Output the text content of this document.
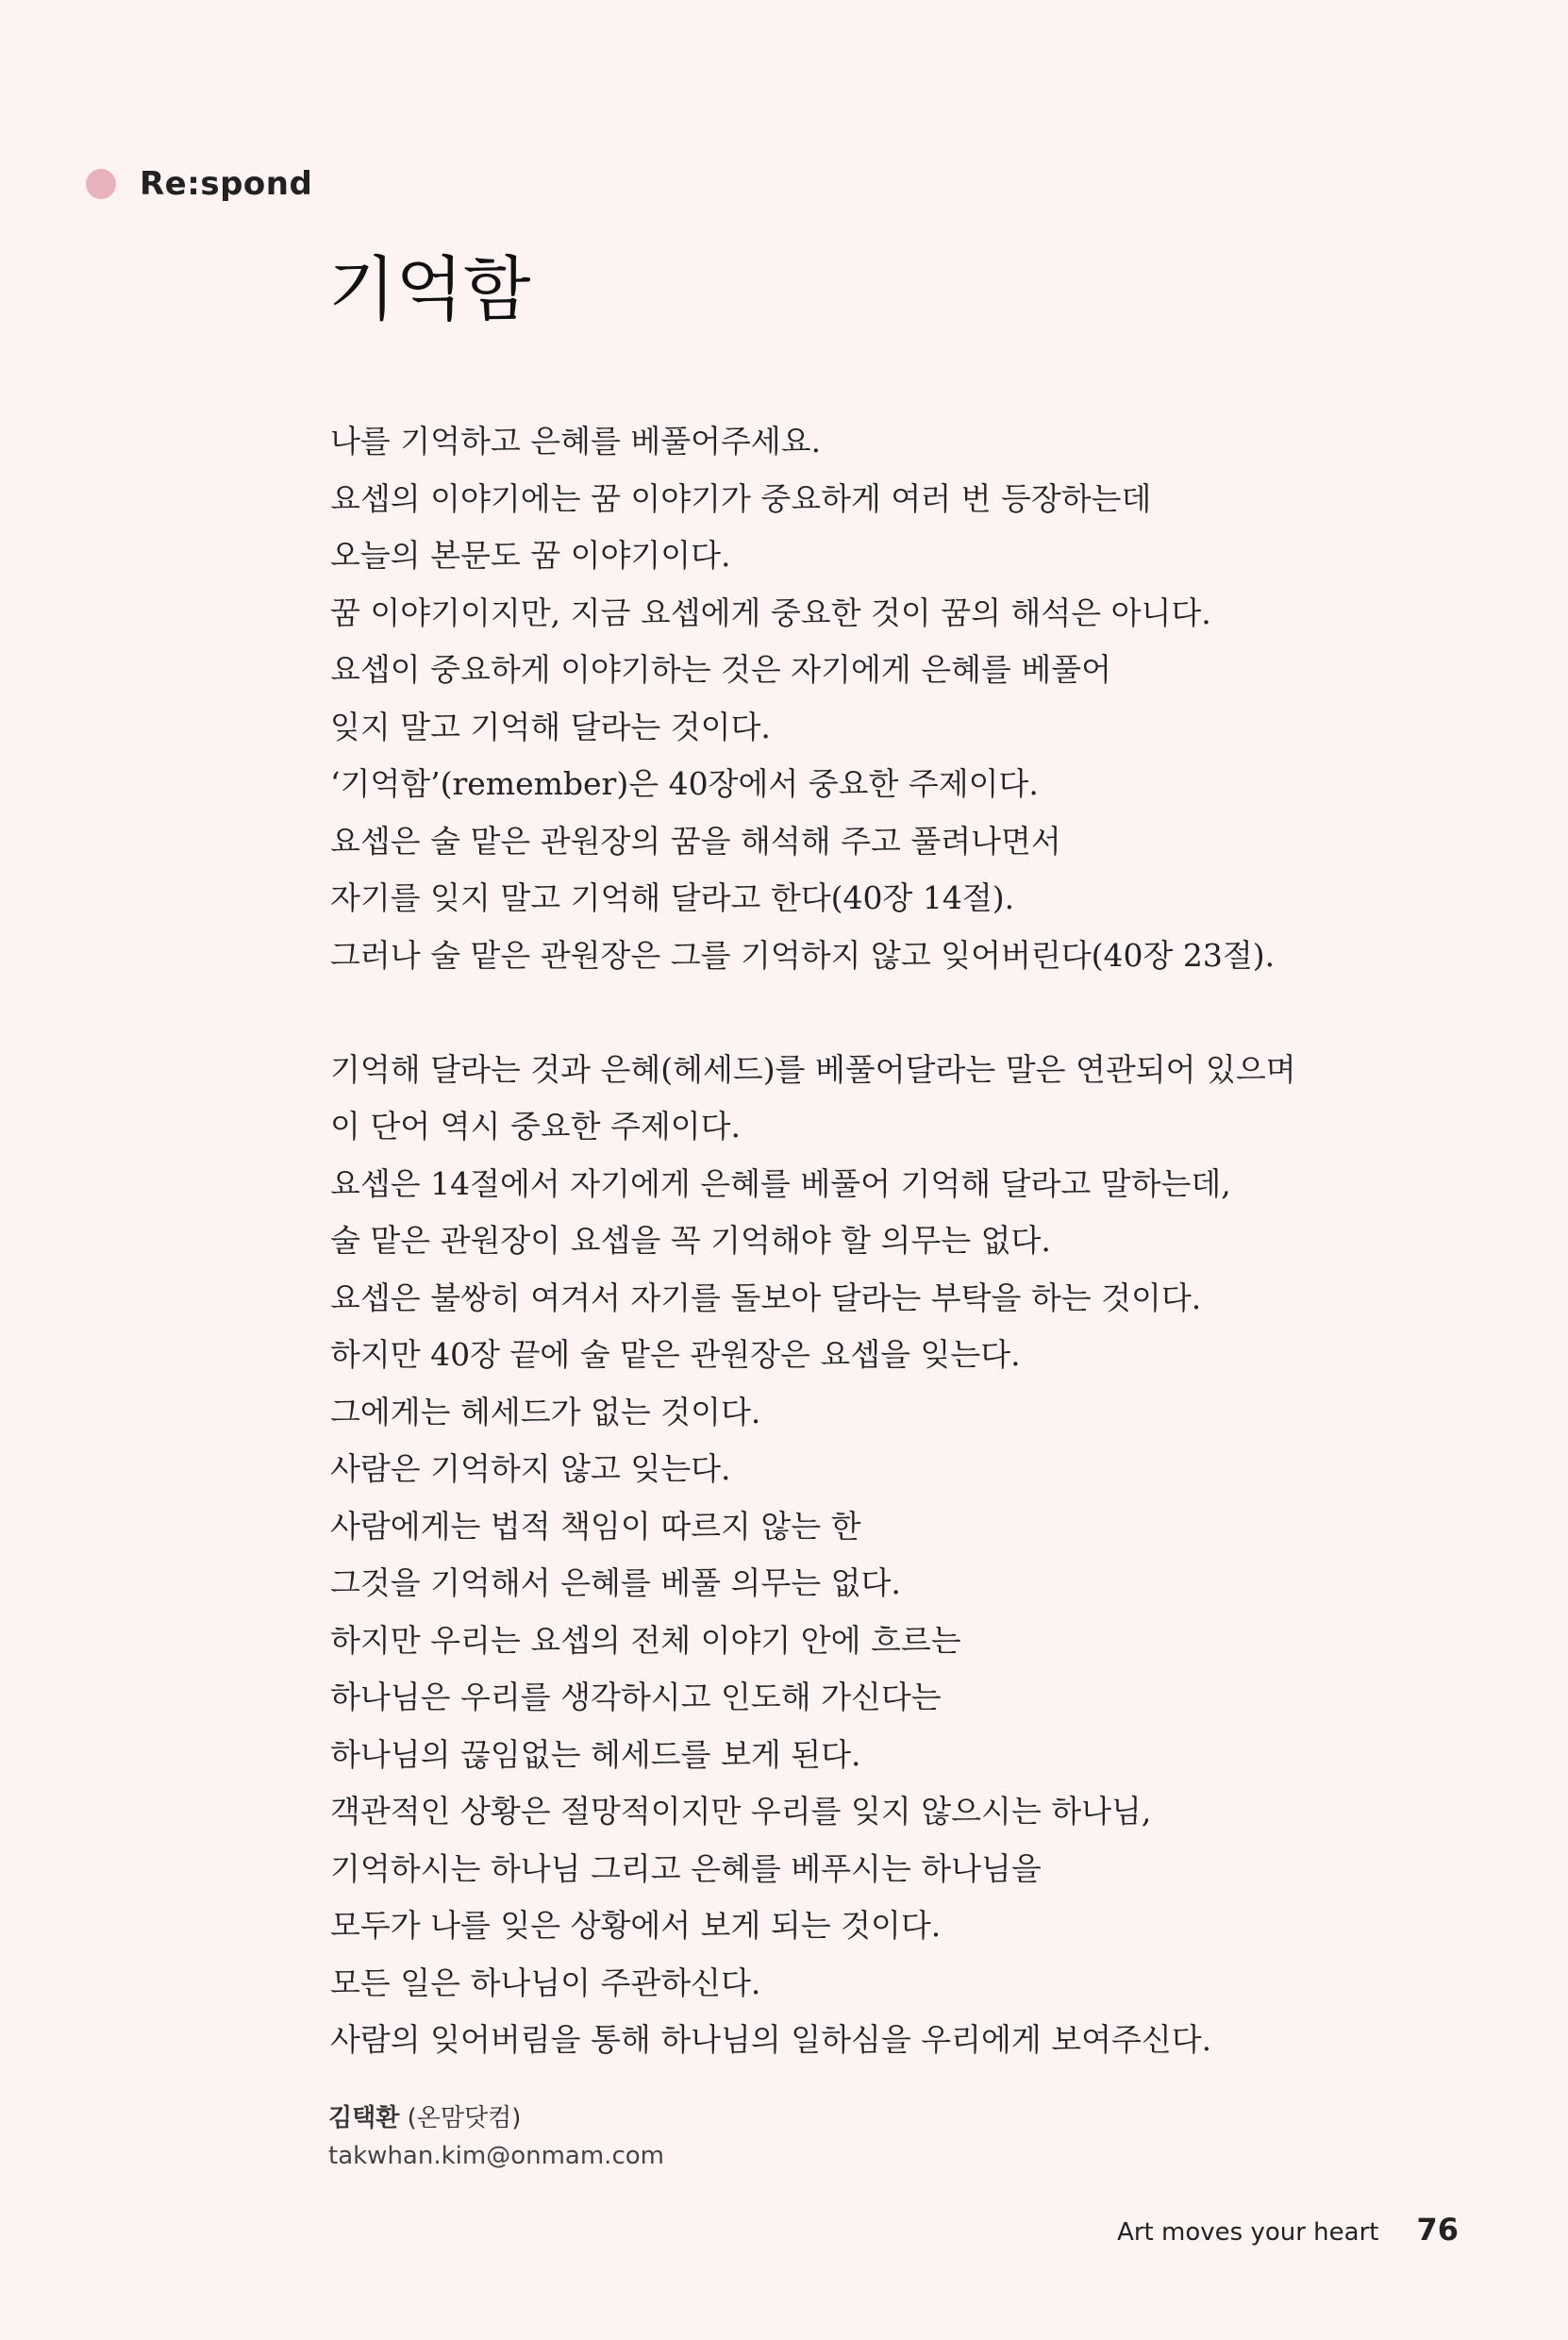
Re:spond
기억함

나를 기억하고 은혜를 베풀어주세요.
요셉의 이야기에는 꿈 이야기가 중요하게 여러 번 등장하는데
오늘의 본문도 꿈 이야기이다.
꿈 이야기이지만, 지금 요셉에게 중요한 것이 꿈의 해석은 아니다.
요셉이 중요하게 이야기하는 것은 자기에게 은혜를 베풀어
잊지 말고 기억해 달라는 것이다.
‘기억함’(remember)은 40장에서 중요한 주제이다.
요셉은 술 맡은 관원장의 꿈을 해석해 주고 풀려나면서
자기를 잊지 말고 기억해 달라고 한다(40장 14절).
그러나 술 맡은 관원장은 그를 기억하지 않고 잊어버린다(40장 23절).

기억해 달라는 것과 은혜(헤세드)를 베풀어달라는 말은 연관되어 있으며
이 단어 역시 중요한 주제이다.
요셉은 14절에서 자기에게 은혜를 베풀어 기억해 달라고 말하는데,
술 맡은 관원장이 요셉을 꼭 기억해야 할 의무는 없다.
요셉은 불쌍히 여겨서 자기를 돌보아 달라는 부탁을 하는 것이다.
하지만 40장 끝에 술 맡은 관원장은 요셉을 잊는다.
그에게는 헤세드가 없는 것이다.
사람은 기억하지 않고 잊는다.
사람에게는 법적 책임이 따르지 않는 한
그것을 기억해서 은혜를 베풀 의무는 없다.
하지만 우리는 요셉의 전체 이야기 안에 흐르는
하나님은 우리를 생각하시고 인도해 가신다는
하나님의 끊임없는 헤세드를 보게 된다.
객관적인 상황은 절망적이지만 우리를 잊지 않으시는 하나님,
기억하시는 하나님 그리고 은혜를 베푸시는 하나님을
모두가 나를 잊은 상황에서 보게 되는 것이다.
모든 일은 하나님이 주관하신다.
사람의 잊어버림을 통해 하나님의 일하심을 우리에게 보여주신다.

김택환 (온맘닷컴)
takwhan.kim@onmam.com
Art moves your heart 76
